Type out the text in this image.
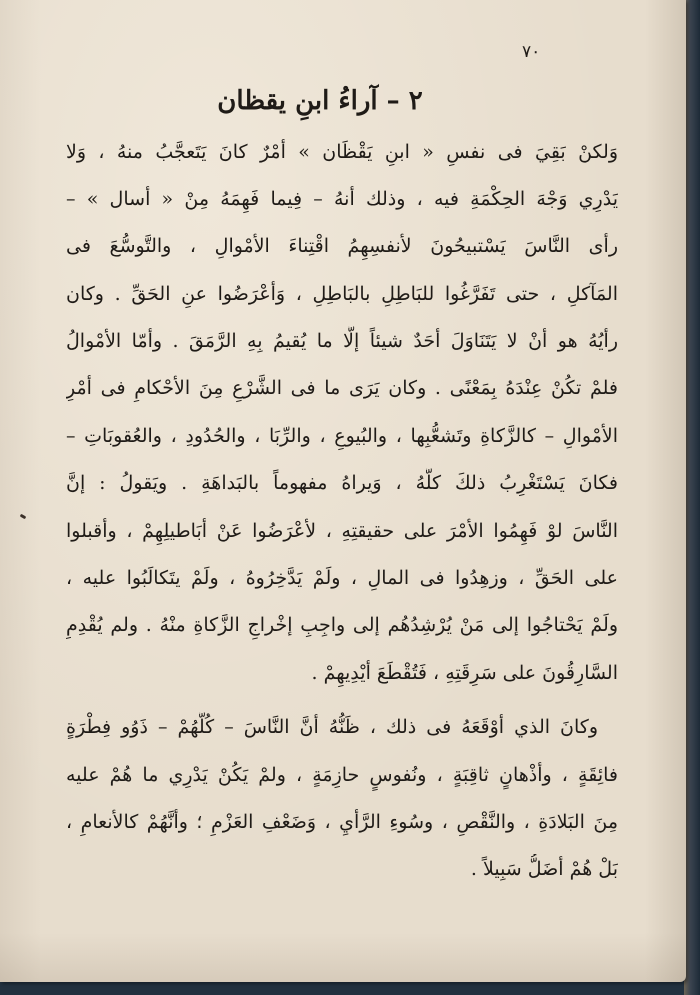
٧٠
٢ – آراءُ ابنِ يقظان
وَلكنْ بَقِيَ فى نفسِ « ابنِ يَقْظَان » أمْرٌ كانَ يَتَعجَّبُ منهُ ، وَلا
يَدْرِي وَجْهَ الحِكْمَةِ فيه ، وذلك أنهُ – فِيما فَهِمَهُ مِنْ « أسال » –
رأى النَّاسَ يَسْتبيحُونَ لأنفسِهِمُ اقْتِناءَ الأمْوالِ ، والتَّوسُّعَ فى
المَآكلِ ، حتى تَفَرَّغُوا للبَاطِلِ بالبَاطِلِ ، وَأعْرَضُوا عنِ الحَقِّ . وكان
رأيُهُ هو أنْ لا يَتَنَاوَلَ أحَدٌ شيئاً إلَّا ما يُقيمُ بِهِ الرَّمَقَ . وأمّا الأمْوالُ
فلمْ تكُنْ عِنْدَهُ بِمَعْنًى . وكان يَرَى ما فى الشَّرْعِ مِنَ الأحْكامِ فى أمْرِ
الأمْوالِ – كالزَّكاةِ وتَشعُّبِها ، والبُيوعِ ، والرِّبَا ، والحُدُودِ ، والعُقوبَاتِ –
فكانَ يَسْتَغْرِبُ ذلكَ كلَّهُ ، وَيراهُ مفهوماً بالبَداهَةِ . ويَقولُ : إنَّ
النَّاسَ لوْ فَهِمُوا الأمْرَ على حقيقتِهِ ، لأعْرَضُوا عَنْ أبَاطيلِهِمْ ، وأقبلوا
على الحَقِّ ، وزهِدُوا فى المالِ ، ولَمْ يَدَّخِرُوهُ ، ولَمْ يتَكالَبُوا عليه ،
ولَمْ يَحْتاجُوا إلى مَنْ يُرْشِدُهُم إلى واجِبِ إخْراجِ الزَّكاةِ منْهُ . ولم يُقْدِمِ
السَّارِقُونَ على سَرِقَتِهِ ، فَتُقْطَعَ أيْدِيهِمْ .
وكانَ الذي أوْقَعَهُ فى ذلك ، ظَنُّهُ أنَّ النَّاسَ – كُلَّهُمْ – ذَوُو فِطْرَةٍ
فائِقَةٍ ، وأذْهانٍ ثاقِبَةٍ ، ونُفوسٍ حازِمَةٍ ، ولمْ يَكُنْ يَدْرِي ما هُمْ عليه
مِنَ البَلادَةِ ، والنَّقْصِ ، وسُوءِ الرَّأيِ ، وَضَعْفِ العَزْمِ ؛ وأنَّهُمْ كالأنعامِ ،
بَلْ هُمْ أضَلُّ سَبِيلاً .
